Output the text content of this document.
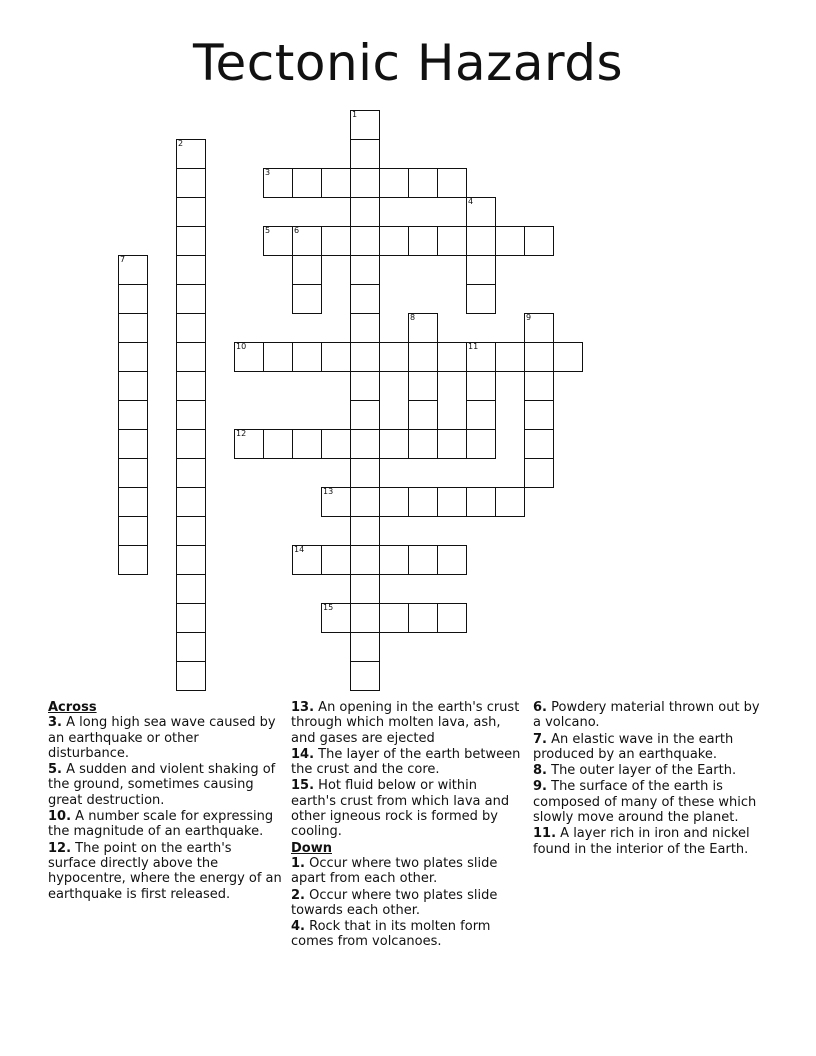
Tectonic Hazards
1
2
3
4
5	6
7
8	9
10	11
12
13
14
15

Across

3. A long high sea wave caused by an earthquake or other disturbance.

5. A sudden and violent shaking of the ground, sometimes causing great destruction.

10. A number scale for expressing the magnitude of an earthquake.

12. The point on the earth's surface directly above the hypocentre, where the energy of an earthquake is first released.

13. An opening in the earth's crust through which molten lava, ash, and gases are ejected

14. The layer of the earth between the crust and the core.

15. Hot fluid below or within earth's crust from which lava and other igneous rock is formed by cooling.

Down

1. Occur where two plates slide apart from each other.

2. Occur where two plates slide towards each other.

4. Rock that in its molten form comes from volcanoes.

6. Powdery material thrown out by a volcano.

7. An elastic wave in the earth produced by an earthquake.

8. The outer layer of the Earth.

9. The surface of the earth is composed of many of these which slowly move around the planet.

11. A layer rich in iron and nickel found in the interior of the Earth.
